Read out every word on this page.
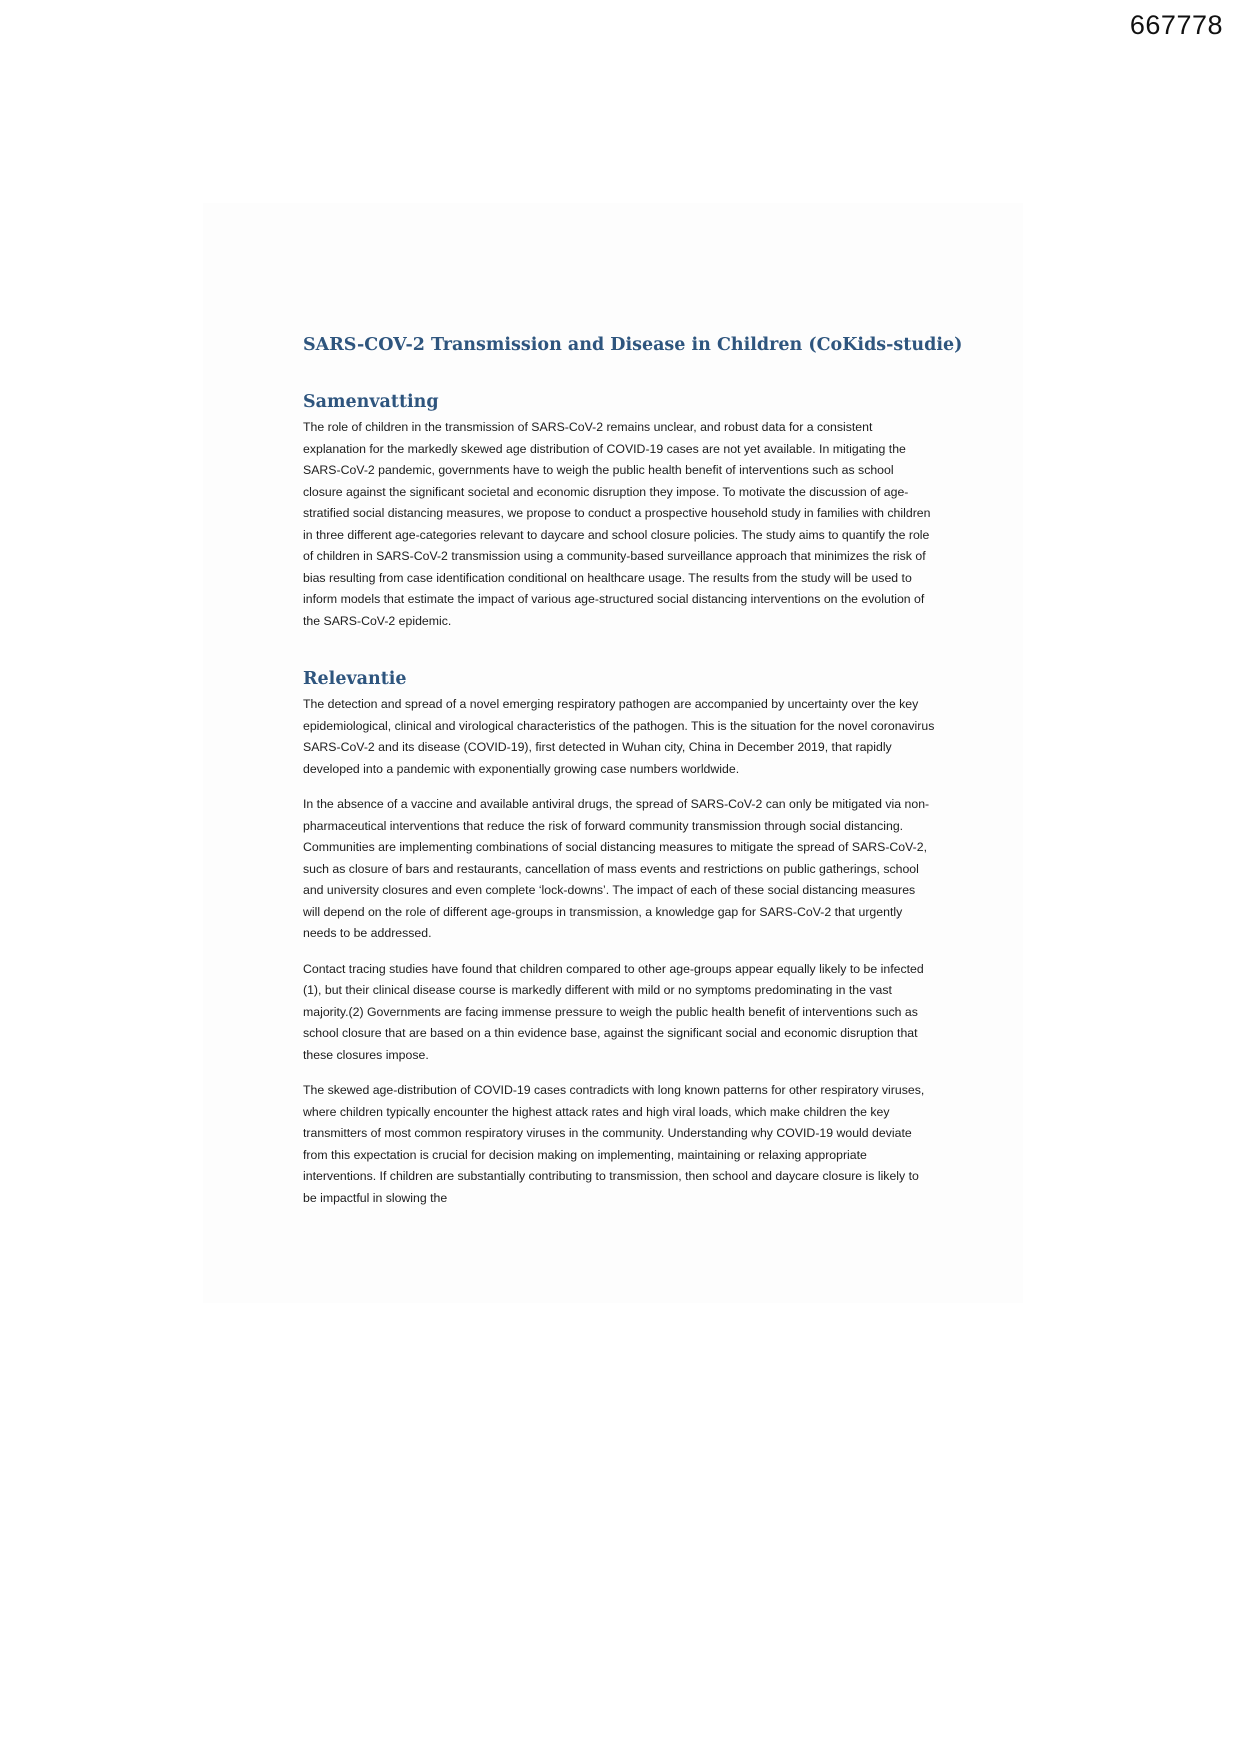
667778
SARS-COV-2 Transmission and Disease in Children (CoKids-studie)
Samenvatting

The role of children in the transmission of SARS-CoV-2 remains unclear, and robust data for a consistent explanation for the markedly skewed age distribution of COVID-19 cases are not yet available. In mitigating the SARS-CoV-2 pandemic, governments have to weigh the public health benefit of interventions such as school closure against the significant societal and economic disruption they impose. To motivate the discussion of age-stratified social distancing measures, we propose to conduct a prospective household study in families with children in three different age-categories relevant to daycare and school closure policies. The study aims to quantify the role of children in SARS-CoV-2 transmission using a community-based surveillance approach that minimizes the risk of bias resulting from case identification conditional on healthcare usage. The results from the study will be used to inform models that estimate the impact of various age-structured social distancing interventions on the evolution of the SARS-CoV-2 epidemic.

Relevantie

The detection and spread of a novel emerging respiratory pathogen are accompanied by uncertainty over the key epidemiological, clinical and virological characteristics of the pathogen. This is the situation for the novel coronavirus SARS-CoV-2 and its disease (COVID-19), first detected in Wuhan city, China in December 2019, that rapidly developed into a pandemic with exponentially growing case numbers worldwide.

In the absence of a vaccine and available antiviral drugs, the spread of SARS-CoV-2 can only be mitigated via non-pharmaceutical interventions that reduce the risk of forward community transmission through social distancing. Communities are implementing combinations of social distancing measures to mitigate the spread of SARS-CoV-2, such as closure of bars and restaurants, cancellation of mass events and restrictions on public gatherings, school and university closures and even complete ‘lock-downs’. The impact of each of these social distancing measures will depend on the role of different age-groups in transmission, a knowledge gap for SARS-CoV-2 that urgently needs to be addressed.

Contact tracing studies have found that children compared to other age-groups appear equally likely to be infected (1), but their clinical disease course is markedly different with mild or no symptoms predominating in the vast majority.(2) Governments are facing immense pressure to weigh the public health benefit of interventions such as school closure that are based on a thin evidence base, against the significant social and economic disruption that these closures impose.

The skewed age-distribution of COVID-19 cases contradicts with long known patterns for other respiratory viruses, where children typically encounter the highest attack rates and high viral loads, which make children the key transmitters of most common respiratory viruses in the community. Understanding why COVID-19 would deviate from this expectation is crucial for decision making on implementing, maintaining or relaxing appropriate interventions. If children are substantially contributing to transmission, then school and daycare closure is likely to be impactful in slowing the
